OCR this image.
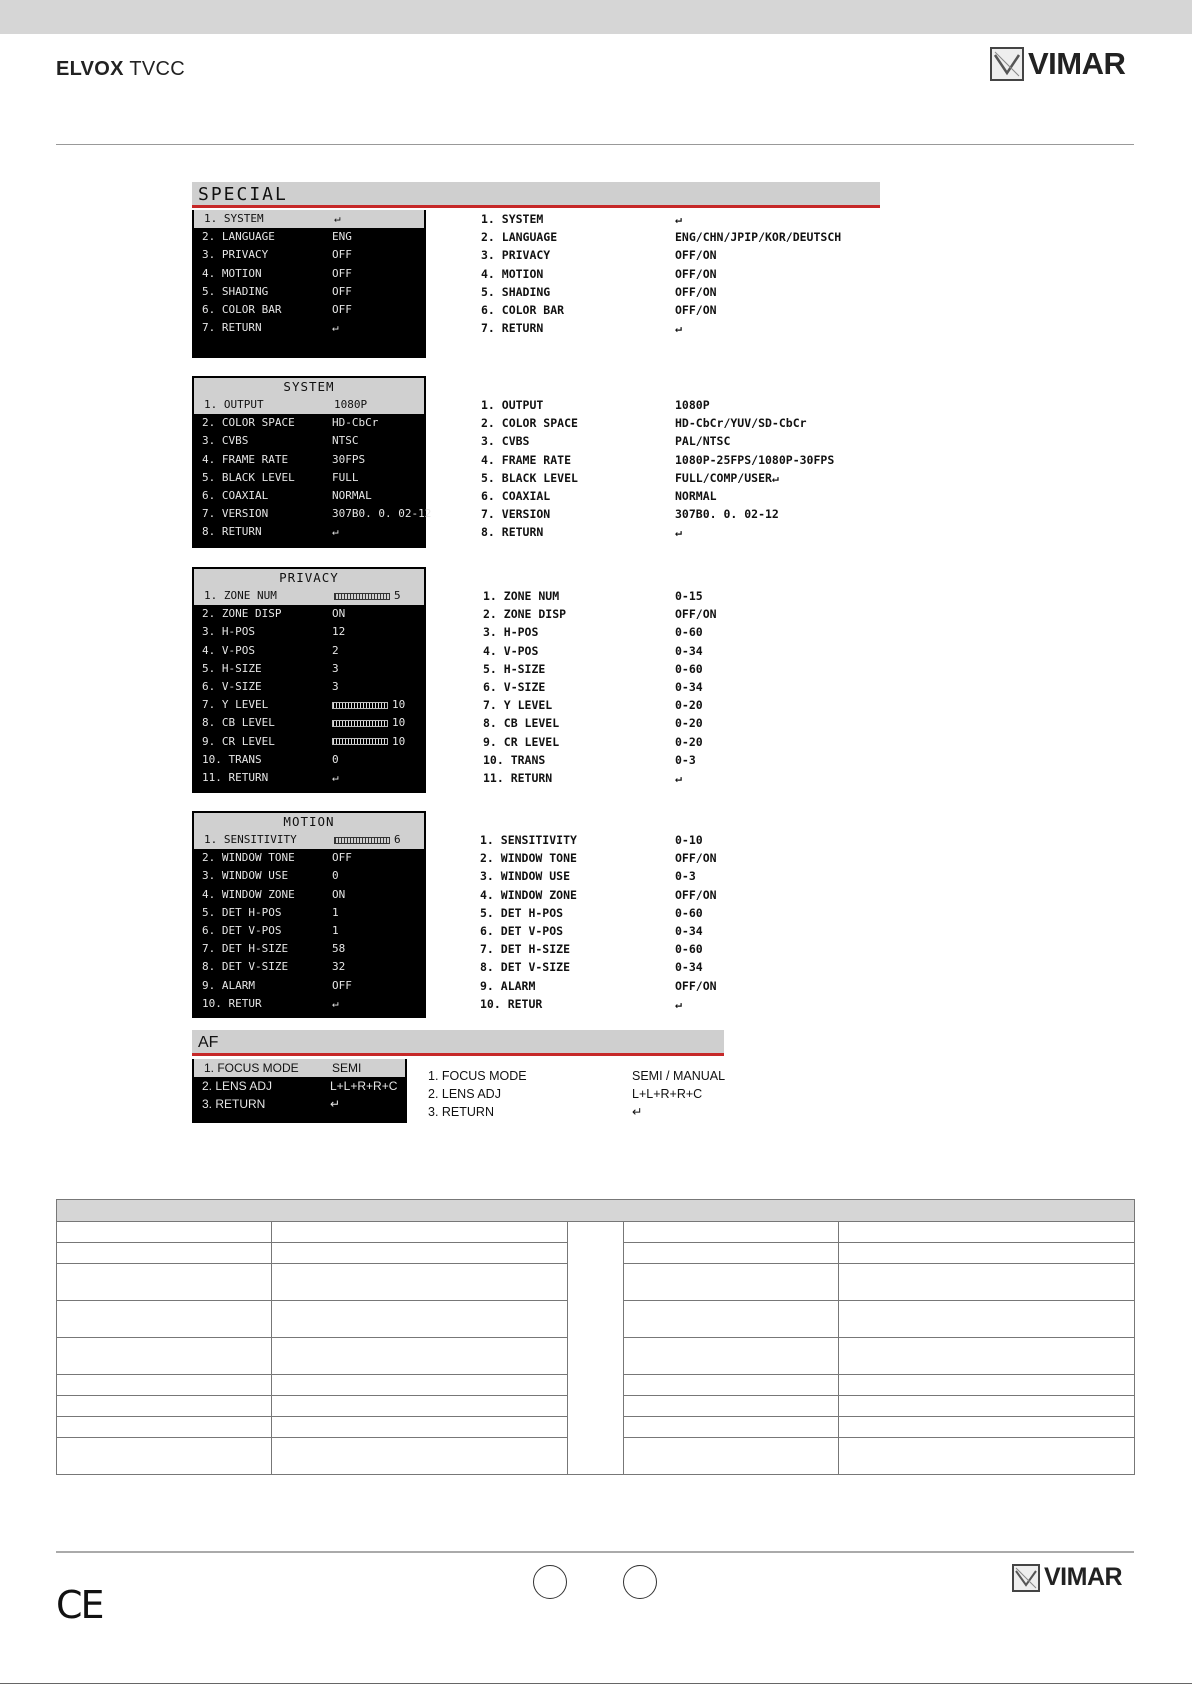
ELVOX TVCC	VIMAR
SPECIAL
1. SYSTEM	↵
2. LANGUAGE	ENG
3. PRIVACY	OFF
4. MOTION	OFF
5. SHADING	OFF
6. COLOR BAR	OFF
7. RETURN	↵
1. SYSTEM	↵
2. LANGUAGE	ENG/CHN/JPIP/KOR/DEUTSCH
3. PRIVACY	OFF/ON
4. MOTION	OFF/ON
5. SHADING	OFF/ON
6. COLOR BAR	OFF/ON
7. RETURN	↵
SYSTEM
1. OUTPUT	1080P
2. COLOR SPACE	HD-CbCr
3. CVBS	NTSC
4. FRAME RATE	30FPS
5. BLACK LEVEL	FULL
6. COAXIAL	NORMAL
7. VERSION	307B0. 0. 02-12
8. RETURN	↵
1. OUTPUT	1080P
2. COLOR SPACE	HD-CbCr/YUV/SD-CbCr
3. CVBS	PAL/NTSC
4. FRAME RATE	1080P-25FPS/1080P-30FPS
5. BLACK LEVEL	FULL/COMP/USER↵
6. COAXIAL	NORMAL
7. VERSION	307B0. 0. 02-12
8. RETURN	↵
PRIVACY
1. ZONE NUM	5
2. ZONE DISP	ON
3. H-POS	12
4. V-POS	2
5. H-SIZE	3
6. V-SIZE	3
7. Y LEVEL	10
8. CB LEVEL	10
9. CR LEVEL	10
10. TRANS	0
11. RETURN	↵
1. ZONE NUM	0-15
2. ZONE DISP	OFF/ON
3. H-POS	0-60
4. V-POS	0-34
5. H-SIZE	0-60
6. V-SIZE	0-34
7. Y LEVEL	0-20
8. CB LEVEL	0-20
9. CR LEVEL	0-20
10. TRANS	0-3
11. RETURN	↵
MOTION
1. SENSITIVITY	6
2. WINDOW TONE	OFF
3. WINDOW USE	0
4. WINDOW ZONE	ON
5. DET H-POS	1
6. DET V-POS	1
7. DET H-SIZE	58
8. DET V-SIZE	32
9. ALARM	OFF
10. RETUR	↵
1. SENSITIVITY	0-10
2. WINDOW TONE	OFF/ON
3. WINDOW USE	0-3
4. WINDOW ZONE	OFF/ON
5. DET H-POS	0-60
6. DET V-POS	0-34
7. DET H-SIZE	0-60
8. DET V-SIZE	0-34
9. ALARM	OFF/ON
10. RETUR	↵
AF
1. FOCUS MODE	SEMI
2. LENS ADJ	L+L+R+R+C
3. RETURN	↵
1. FOCUS MODE	SEMI / MANUAL
2. LENS ADJ	L+L+R+R+C
3. RETURN	↵

CE
VIMAR
